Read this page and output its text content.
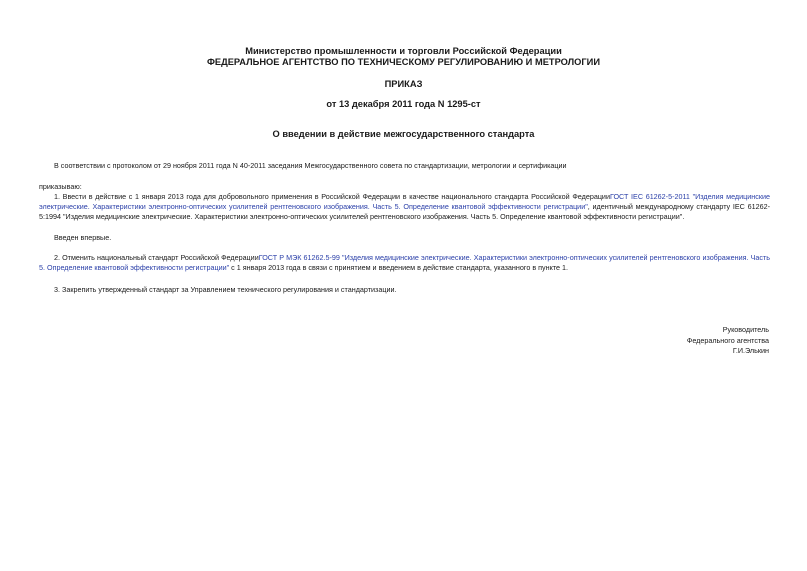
Министерство промышленности и торговли Российской Федерации
ФЕДЕРАЛЬНОЕ АГЕНТСТВО ПО ТЕХНИЧЕСКОМУ РЕГУЛИРОВАНИЮ И МЕТРОЛОГИИ
ПРИКАЗ
от 13 декабря 2011 года N 1295-ст
О введении в действие межгосударственного стандарта
В соответствии с протоколом от 29 ноября 2011 года N 40-2011 заседания Межгосударственного совета по стандартизации, метрологии и сертификации
приказываю:
1. Ввести в действие с 1 января 2013 года для добровольного применения в Российской Федерации в качестве национального стандарта Российской ФедерацииГОСТ IEC 61262-5-2011 "Изделия медицинские электрические. Характеристики электронно-оптических усилителей рентгеновского изображения. Часть 5. Определение квантовой эффективности регистрации", идентичный международному стандарту IEC 61262-5:1994 "Изделия медицинские электрические. Характеристики электронно-оптических усилителей рентгеновского изображения. Часть 5. Определение квантовой эффективности регистрации".
Введен впервые.
2. Отменить национальный стандарт Российской ФедерацииГОСТ Р МЭК 61262.5-99 "Изделия медицинские электрические. Характеристики электронно-оптических усилителей рентгеновского изображения. Часть 5. Определение квантовой эффективности регистрации" с 1 января 2013 года в связи с принятием и введением в действие стандарта, указанного в пункте 1.
3. Закрепить утвержденный стандарт за Управлением технического регулирования и стандартизации.
Руководитель
Федерального агентства
Г.И.Элькин
